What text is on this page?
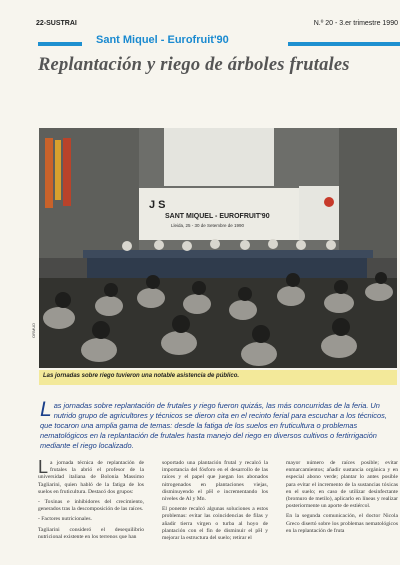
22-SUSTRAI	N.º 20 - 3.er trimestre 1990
Sant Miquel - Eurofruit'90
Replantación y riego de árboles frutales
J S
SANT MIQUEL - EUROFRUIT'90
Lleida, 25 - 30 de Setembre de 1990
ORMUD
Las jornadas sobre riego tuvieron una notable asistencia de público.
Las jornadas sobre replantación de frutales y riego fueron quizás, las más concurridas de la feria. Un nutrido grupo de agricultores y técnicos se dieron cita en el recinto ferial para escuchar a los técnicos, que tocaron una amplia gama de temas: desde la fatiga de los suelos en fruticultura o problemas nematológicos en la replantación de frutales hasta manejo del riego en diversos cultivos o fertirrigación mediante el riego localizado.

La jornada técnica de replantación de frutales la abrió el profesor de la universidad italiana de Bolonia Massimo Tagliarini, quien habló de la fatiga de los suelos en fruticultura. Destacó dos grupos:

- Toxinas e inhibidores del crecimiento, generados tras la descomposición de las raíces.

- Factores nutricionales.

Tagliarini consideró el desequilibrio nutricional existente en los terrenos que han

soportado una plantación frutal y recalcó la importancia del fósforo en el desarrollo de las raíces y el papel que juegan los abonados nitrogenados en plantaciones viejas, disminuyendo el pH e incrementando los niveles de Al y Mn.

El ponente recalcó algunas soluciones a estos problemas: evitar las coincidencias de filas y añadir tierra virgen o turba al hoyo de plantación con el fin de disminuir el pH y mejorar la estructura del suelo; retirar el

mayor número de raíces posible; evitar enmarcamientos; añadir sustancia orgánica y en especial abono verde; plantar lo antes posible para evitar el incremento de la sustancias tóxicas en el suelo; en caso de utilizar desinfectante (bromuro de metilo), aplicarlo en líneas y realizar posteriormente un aporte de estiércol.

En la segunda comunicación, el doctor Nicola Greco disertó sobre los problemas nematológicos en la replantación de fruta
